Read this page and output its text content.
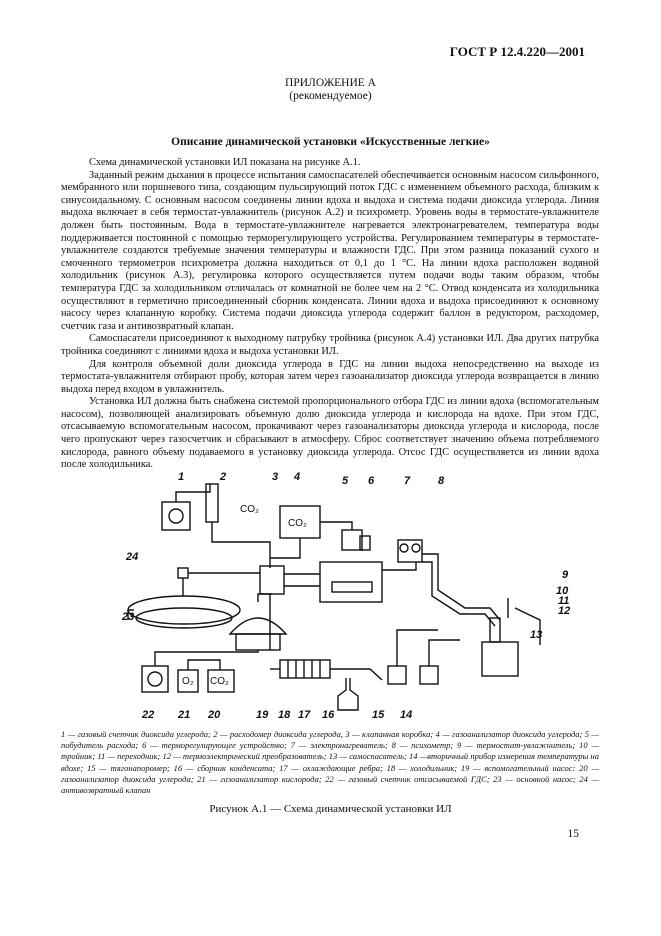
ГОСТ Р 12.4.220—2001
ПРИЛОЖЕНИЕ А
(рекомендуемое)
Описание динамической установки «Искусственные легкие»

Схема динамической установки ИЛ показана на рисунке А.1.

Заданный режим дыхания в процессе испытания самоспасателей обеспечивается основным насосом сильфонного, мембранного или поршневого типа, создающим пульсирующий поток ГДС с изменением объемного расхода, близким к синусоидальному. С основным насосом соединены линии вдоха и выдоха и система подачи диоксида углерода. Линия выдоха включает в себя термостат-увлажнитель (рисунок А.2) и психрометр. Уровень воды в термостате-увлажнителе должен быть постоянным. Вода в термостате-увлажнителе нагревается электронагревателем, температура воды поддерживается постоянной с помощью терморегулирующего устройства. Регулированием температуры в термостате-увлажнителе создаются требуемые значения температуры и влажности ГДС. При этом разница показаний сухого и смоченного термометров психрометра должна находиться от 0,1 до 1 °С. На линии вдоха расположен водяной холодильник (рисунок А.3), регулировка которого осуществляется путем подачи воды таким образом, чтобы температура ГДС за холодильником отличалась от комнатной не более чем на 2 °С. Отвод конденсата из холодильника осуществляют в герметично присоединенный сборник конденсата. Линии вдоха и выдоха присоединяют к основному насосу через клапанную коробку. Система подачи диоксида углерода содержит баллон в редуктором, расходомер, счетчик газа и антивозвратный клапан.

Самоспасатели присоединяют к выходному патрубку тройника (рисунок А.4) установки ИЛ. Два других патрубка тройника соединяют с линиями вдоха и выдоха установки ИЛ.

Для контроля объемной доли диоксида углерода в ГДС на линии выдоха непосредственно на выходе из термостата-увлажнителя отбирают пробу, которая затем через газоанализатор диоксида углерода возвращается в линию выдоха перед входом в увлажнитель.

Установка ИЛ должна быть снабжена системой пропорционального отбора ГДС из линии вдоха (вспомогательным насосом), позволяющей анализировать объемную долю диоксида углерода и кислорода на вдохе. При этом ГДС, отсасываемую вспомогательным насосом, прокачивают через газоанализаторы диоксида углерода и кислорода, после чего пропускают через газосчетчик и сбрасывают в атмосферу. Сброс соответствует значению объема потребляемого кислорода, равного объему подаваемого в установку диоксида углерода. Отсос ГДС осуществляется из линии вдоха после холодильника.

1	2	3 4	5 6	7	8
9
10
11
12
13
14
15
16
17
18
19
20
21
22
23
24
CO₂
CO₂
O₂ CO₂
1 — газовый счетчик диоксида углерода; 2 — расходомер диоксида углерода, 3 — клапанная коробка; 4 — газоанализатор диоксида углерода; 5 — побудитель расхода; 6 — терморегулирующее устройство; 7 — электронагреватель; 8 — психометр; 9 — термостат-увлажнитель; 10 — тройник; 11 — переходник; 12 — термоэлектрический преобразователь; 13 — самоспасатель; 14 —вторичный прибор измерения температуры на вдохе; 15 — тягонапоромер; 16 — сборник конденсата; 17 — охлаждающие ребра; 18 — холодильник; 19 — вспомогательный насос: 20 — газоанализатор диоксида углерода; 21 — газоанализатор кислорода; 22 — газовый счетчик отсасываемой ГДС; 23 — основной насос; 24 — антивозвратный клапан
Рисунок А.1 — Схема динамической установки ИЛ
15
